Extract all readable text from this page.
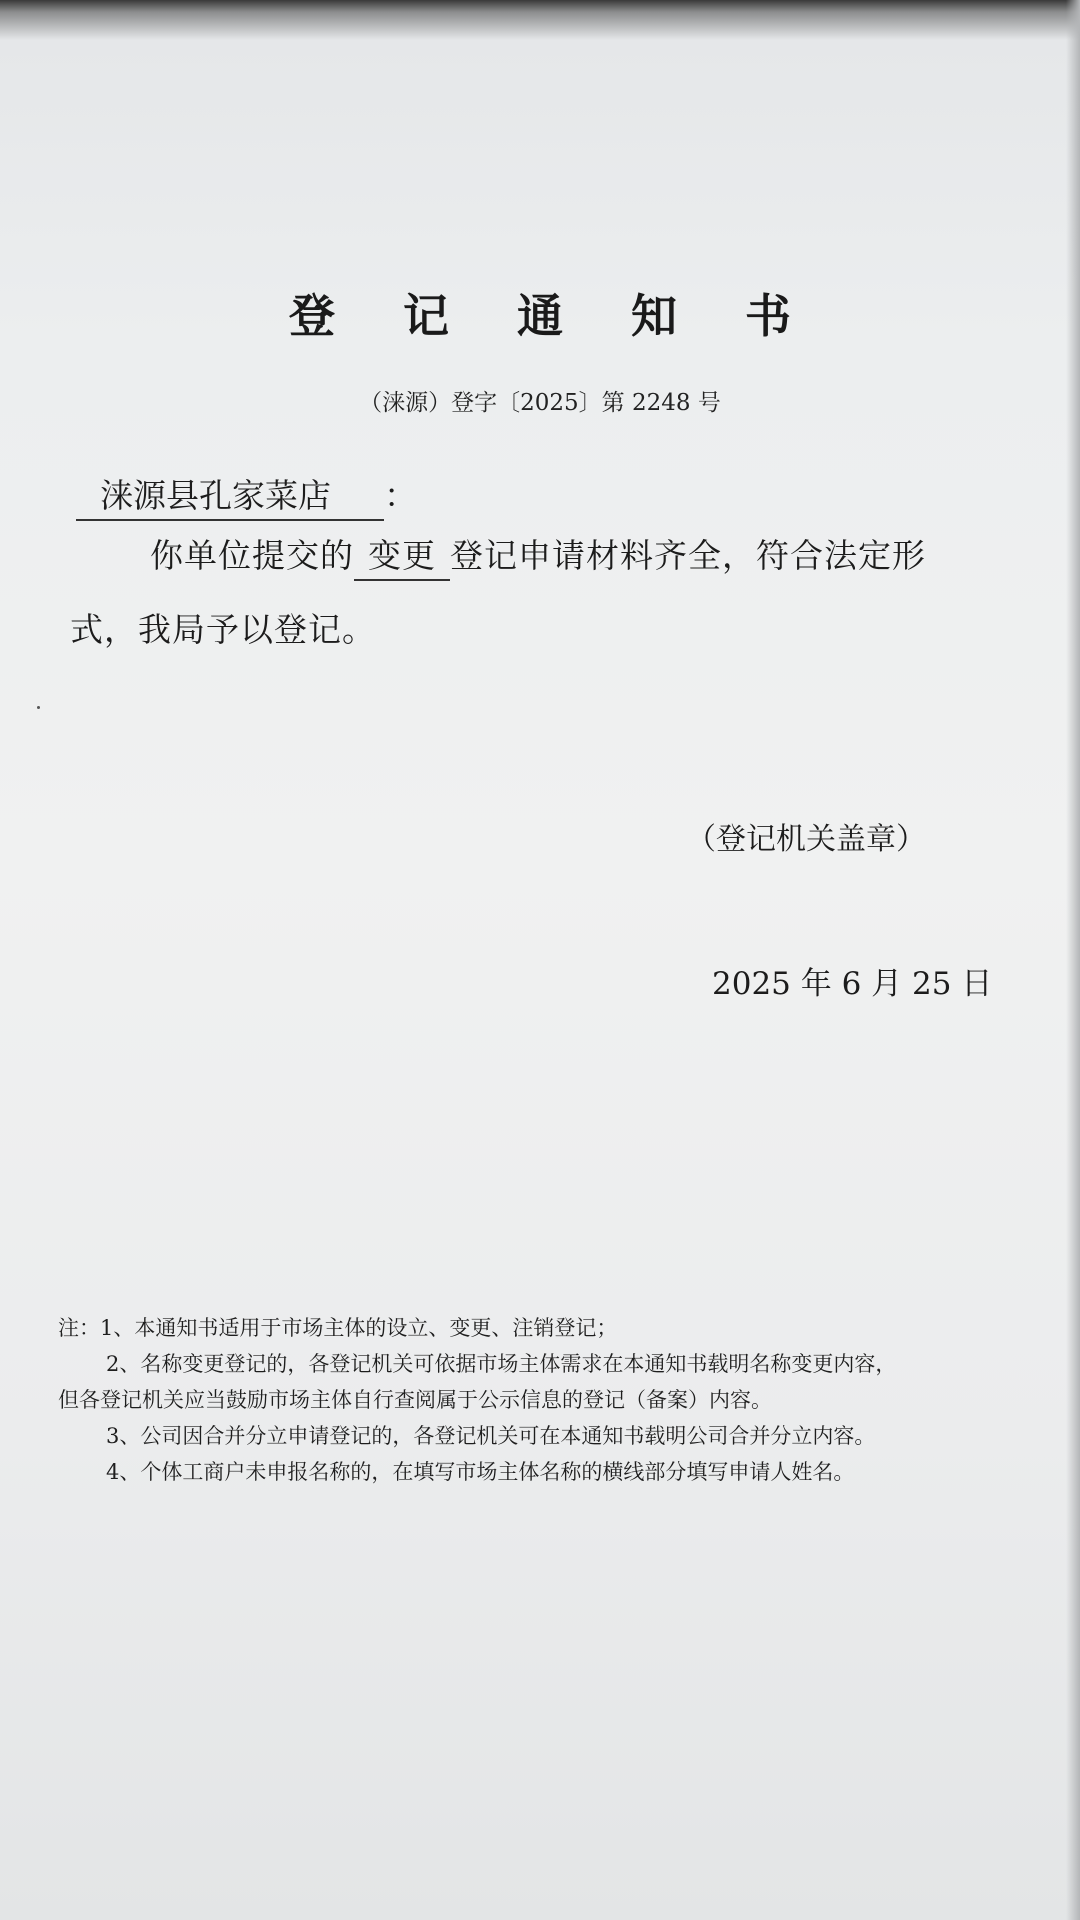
登 记 通 知 书
（涞源）登字〔2025〕第 2248 号
涞源县孔家菜店 ：
你单位提交的 变更 登记申请材料齐全，符合法定形
式，我局予以登记。
（登记机关盖章）
2025 年 6 月 25 日
注：1、本通知书适用于市场主体的设立、变更、注销登记；
2、名称变更登记的，各登记机关可依据市场主体需求在本通知书载明名称变更内容，
但各登记机关应当鼓励市场主体自行查阅属于公示信息的登记（备案）内容。
3、公司因合并分立申请登记的，各登记机关可在本通知书载明公司合并分立内容。
4、个体工商户未申报名称的，在填写市场主体名称的横线部分填写申请人姓名。
